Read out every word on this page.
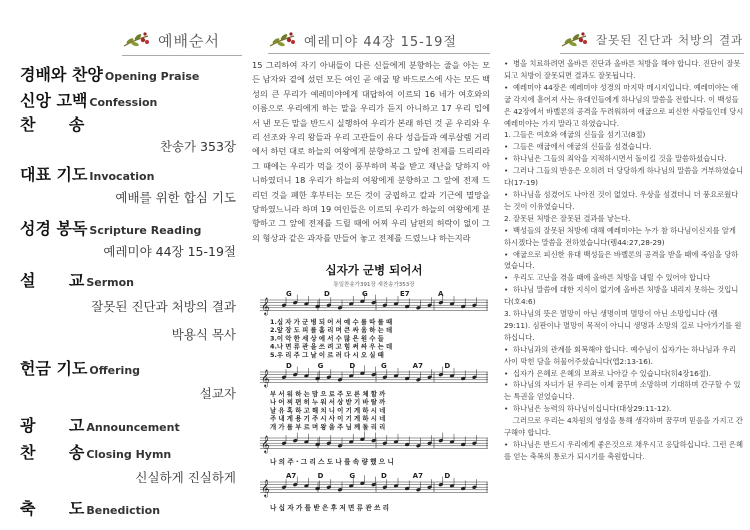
예배순서
경배와 찬양 Opening Praise
신앙 고백 Confession
찬      송
찬송가 353장
대표 기도 Invocation
예배를 위한 합심 기도
성경 봉독 Scripture Reading
예레미야 44장 15-19절
설      교 Sermon
잘못된 진단과 처방의 결과
박용식 목사
헌금 기도 Offering
설교자
광      고 Announcement
찬      송 Closing Hymn
신실하게 진실하게
축      도 Benediction
예레미야 44장 15-19절
15 그리하여 자기 아내들이 다른 신들에게 분향하는 줄을 아는 모든 남자와 곁에 섰던 모든 여인 곧 애굽 땅 바드로스에 사는 모든 백성의 큰 무리가 예레미야에게 대답하여 이르되 16 네가 여호와의 이름으로 우리에게 하는 말을 우리가 듣지 아니하고 17 우리 입에서 낸 모든 말을 반드시 실행하여 우리가 본래 하던 것 곧 우리와 우리 선조와 우리 왕들과 우리 고관들이 유다 성읍들과 예루살렘 거리에서 하던 대로 하늘의 여왕에게 분향하고 그 앞에 전제를 드리리라 그 때에는 우리가 먹을 것이 풍부하며 복을 받고 재난을 당하지 아니하였더니 18 우리가 하늘의 여왕에게 분향하고 그 앞에 전제 드리던 것을 폐한 후부터는 모든 것이 궁핍하고 칼과 기근에 멸망을 당하였느니라 하며 19 여인들은 이르되 우리가 하늘의 여왕에게 분향하고 그 앞에 전제를 드릴 때에 어찌 우리 남편의 허락이 없이 그의 형상과 같은 과자를 만들어 놓고 전제를 드렸느냐 하는지라
십자가 군병 되어서
통일찬송가391장 새찬송가353장
G	D	G	E7	A
𝄞
1.십 자 가 군 병 되 어 서 예 수 를 따 를 때
2.앞 장 도 피 를 흘 리 며 큰 싸 움 하 는 데
3.이 악 한 세 상 에 서 수 많 은 원 수 들
4.나 면 류 관 을 쓰 려 고 힘 써 싸 우 는 데
5.우 리 주 그 날 이 르 러 다 시 오 실 때
D	G	D	G	A7	D
𝄞
부 서 워 하 는 맘 으 로 주 모 른 체 할 까
나 어 찌 편 히 누 워 서 상 받 기 바 랄 까
날 유 혹 하 고 해 치 니 이 기 게 하 시 네
주 내 게 용 기 주 시 사 이 기 게 하 시 네
개 가 를 부 르 며 왕 을 주 님 께 돌 리 리
𝄞
나 의 주 · 그 리 스 도 나 를 속 량 했 으 니
A7	D	G	D	A7	D
𝄞
나 십 자 가 를 받 은 후 저 면 류 관 쓰 리
잘못된 진단과 처방의 결과

• 병을 치료하려면 올바른 진단과 올바른 처방을 해야 합니다. 진단이 잘못되고 처방이 잘못되면 결과도 잘못됩니다.

• 예레미야 44장은 예레미야 성경의 마지막 메시지입니다. 예레미야는 애굽 각지에 흩어져 사는 유대인들에게 하나님의 말씀을 전합니다. 이 백성들은 42장에서 바벨론의 공격을 두려워하여 애굽으로 피신한 사람들인데 당시 예레미야는 가지 말라고 하였습니다.

1. 그들은 여호와 애굽의 신들을 섬기고(8절)

• 그들은 애굽에서 애굽의 신들을 섬겼습니다.

• 하나님은 그들의 죄악을 지적하시면서 돌이킬 것을 말씀하셨습니다.

• 그러나 그들의 반응은 오히려 더 당당하게 하나님의 말씀을 거부하였습니다(17-19)

• 하나님을 섬겼어도 나아진 것이 없었다. 우상을 섬겼더니 더 풍요로웠다는 것이 이유였습니다.

2. 잘못된 처방은 잘못된 결과를 낳는다.

• 백성들의 잘못된 처방에 대해 예레미야는 누가 참 하나님이신지를 알게 하시겠다는 말씀을 전하였습니다(렘44:27,28-29)

• 애굽으로 피신한 유대 백성들은 바벨론의 공격을 받을 때에 죽임을 당하였습니다.

• 우리도 고난을 겪을 때에 올바른 처방을 내릴 수 있어야 합니다

• 하나님 말씀에 대한 지식이 없기에 올바른 처방을 내리지 못하는 것입니다(호4:6)

3. 하나님의 뜻은 멸망이 아닌 생명이며 멸망이 아닌 소망입니다 (렘 29:11). 심판이나 멸망이 목적이 아니니 생명과 소망의 길로 나아가기를 원하십니다.

• 하나님과의 관계를 회복해야 합니다. 예수님이 십자가는 하나님과 우리 사이 막힌 담을 허물어주셨습니다(엡2:13-16).

• 십자가 은혜로 은혜의 보좌로 나아갈 수 있습니다(히4장16절).

• 하나님의 자녀가 된 우리는 이제 꿈꾸며 소망하며 기대하며 간구할 수 있는 특권을 얻었습니다.

• 하나님은 능력의 하나님이십니다(대상29:11-12).

그러므로 우리는 4차원의 영성을 통해 생각하며 꿈꾸며 믿음을 가지고 간구해야 합니다.

• 하나님은 반드시 우리에게 좋은것으로 채우시고 응답하십니다. 그런 은혜를 얻는 축복의 통로가 되시기를 축원합니다.
